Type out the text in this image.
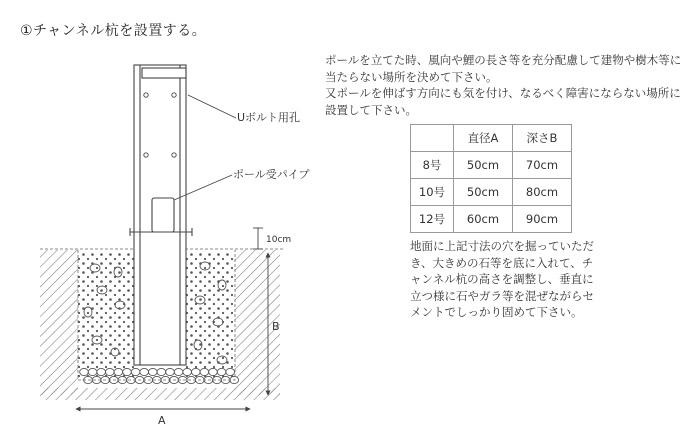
①チャンネル杭を設置する。
Uボルト用孔
ポール受パイプ
10cm
B
A

ポールを立てた時、風向や鯉の長さ等を充分配慮して建物や樹木等に当たらない場所を決めて下さい。
又ポールを伸ばす方向にも気を付け、なるべく障害にならない場所に設置して下さい。

	直径A	深さB
8号	50cm	70cm
10号	50cm	80cm
12号	60cm	90cm

地面に上記寸法の穴を掘っていただき、大きめの石等を底に入れて、チャンネル杭の高さを調整し、垂直に立つ様に石やガラ等を混ぜながらセメントでしっかり固めて下さい。
